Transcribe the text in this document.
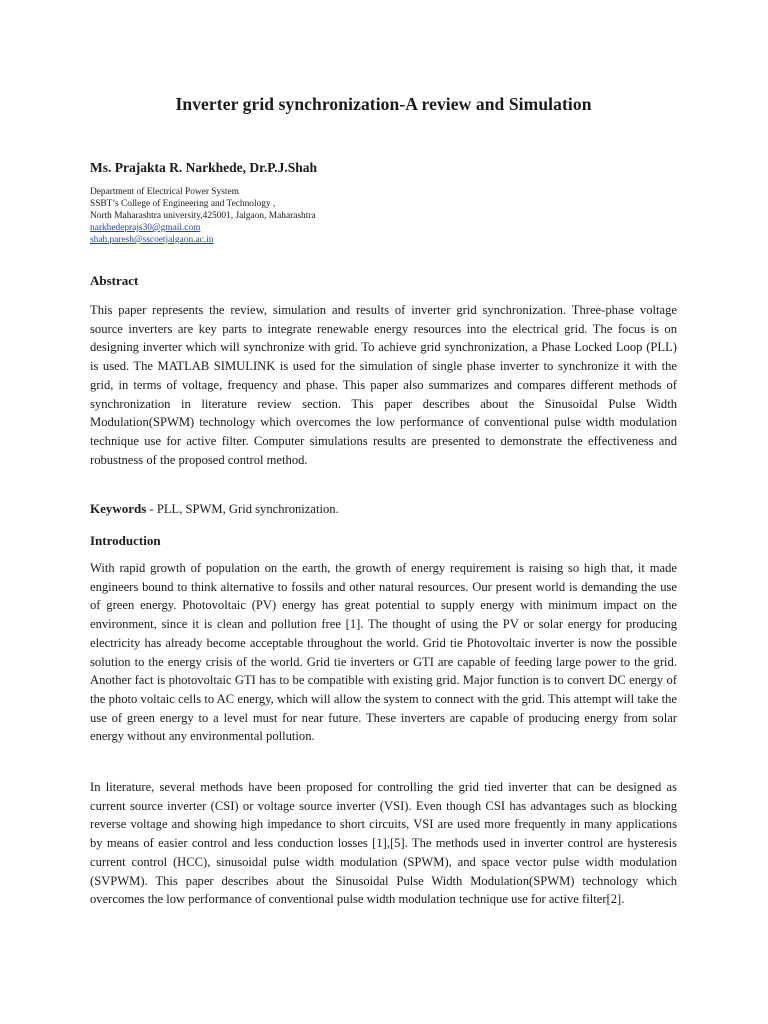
Inverter grid synchronization-A review and Simulation
Ms. Prajakta R. Narkhede, Dr.P.J.Shah
Department of Electrical Power System
SSBT’s College of Engineering and Technology ,
North Maharashtra university,425001, Jalgaon, Maharashtra
narkhedeprajs30@gmail.com
shah.paresh@sscoetjalgaon.ac.in
Abstract

This paper represents the review, simulation and results of inverter grid synchronization. Three-phase voltage source inverters are key parts to integrate renewable energy resources into the electrical grid. The focus is on designing inverter which will synchronize with grid. To achieve grid synchronization, a Phase Locked Loop (PLL) is used. The MATLAB SIMULINK is used for the simulation of single phase inverter to synchronize it with the grid, in terms of voltage, frequency and phase. This paper also summarizes and compares different methods of synchronization in literature review section. This paper describes about the Sinusoidal Pulse Width Modulation(SPWM) technology which overcomes the low performance of conventional pulse width modulation technique use for active filter. Computer simulations results are presented to demonstrate the effectiveness and robustness of the proposed control method.

Keywords - PLL, SPWM, Grid synchronization.
Introduction

With rapid growth of population on the earth, the growth of energy requirement is raising so high that, it made engineers bound to think alternative to fossils and other natural resources. Our present world is demanding the use of green energy. Photovoltaic (PV) energy has great potential to supply energy with minimum impact on the environment, since it is clean and pollution free [1]. The thought of using the PV or solar energy for producing electricity has already become acceptable throughout the world. Grid tie Photovoltaic inverter is now the possible solution to the energy crisis of the world. Grid tie inverters or GTI are capable of feeding large power to the grid. Another fact is photovoltaic GTI has to be compatible with existing grid. Major function is to convert DC energy of the photo voltaic cells to AC energy, which will allow the system to connect with the grid. This attempt will take the use of green energy to a level must for near future. These inverters are capable of producing energy from solar energy without any environmental pollution.

In literature, several methods have been proposed for controlling the grid tied inverter that can be designed as current source inverter (CSI) or voltage source inverter (VSI). Even though CSI has advantages such as blocking reverse voltage and showing high impedance to short circuits, VSI are used more frequently in many applications by means of easier control and less conduction losses [1],[5]. The methods used in inverter control are hysteresis current control (HCC), sinusoidal pulse width modulation (SPWM), and space vector pulse width modulation (SVPWM). This paper describes about the Sinusoidal Pulse Width Modulation(SPWM) technology which overcomes the low performance of conventional pulse width modulation technique use for active filter[2].
